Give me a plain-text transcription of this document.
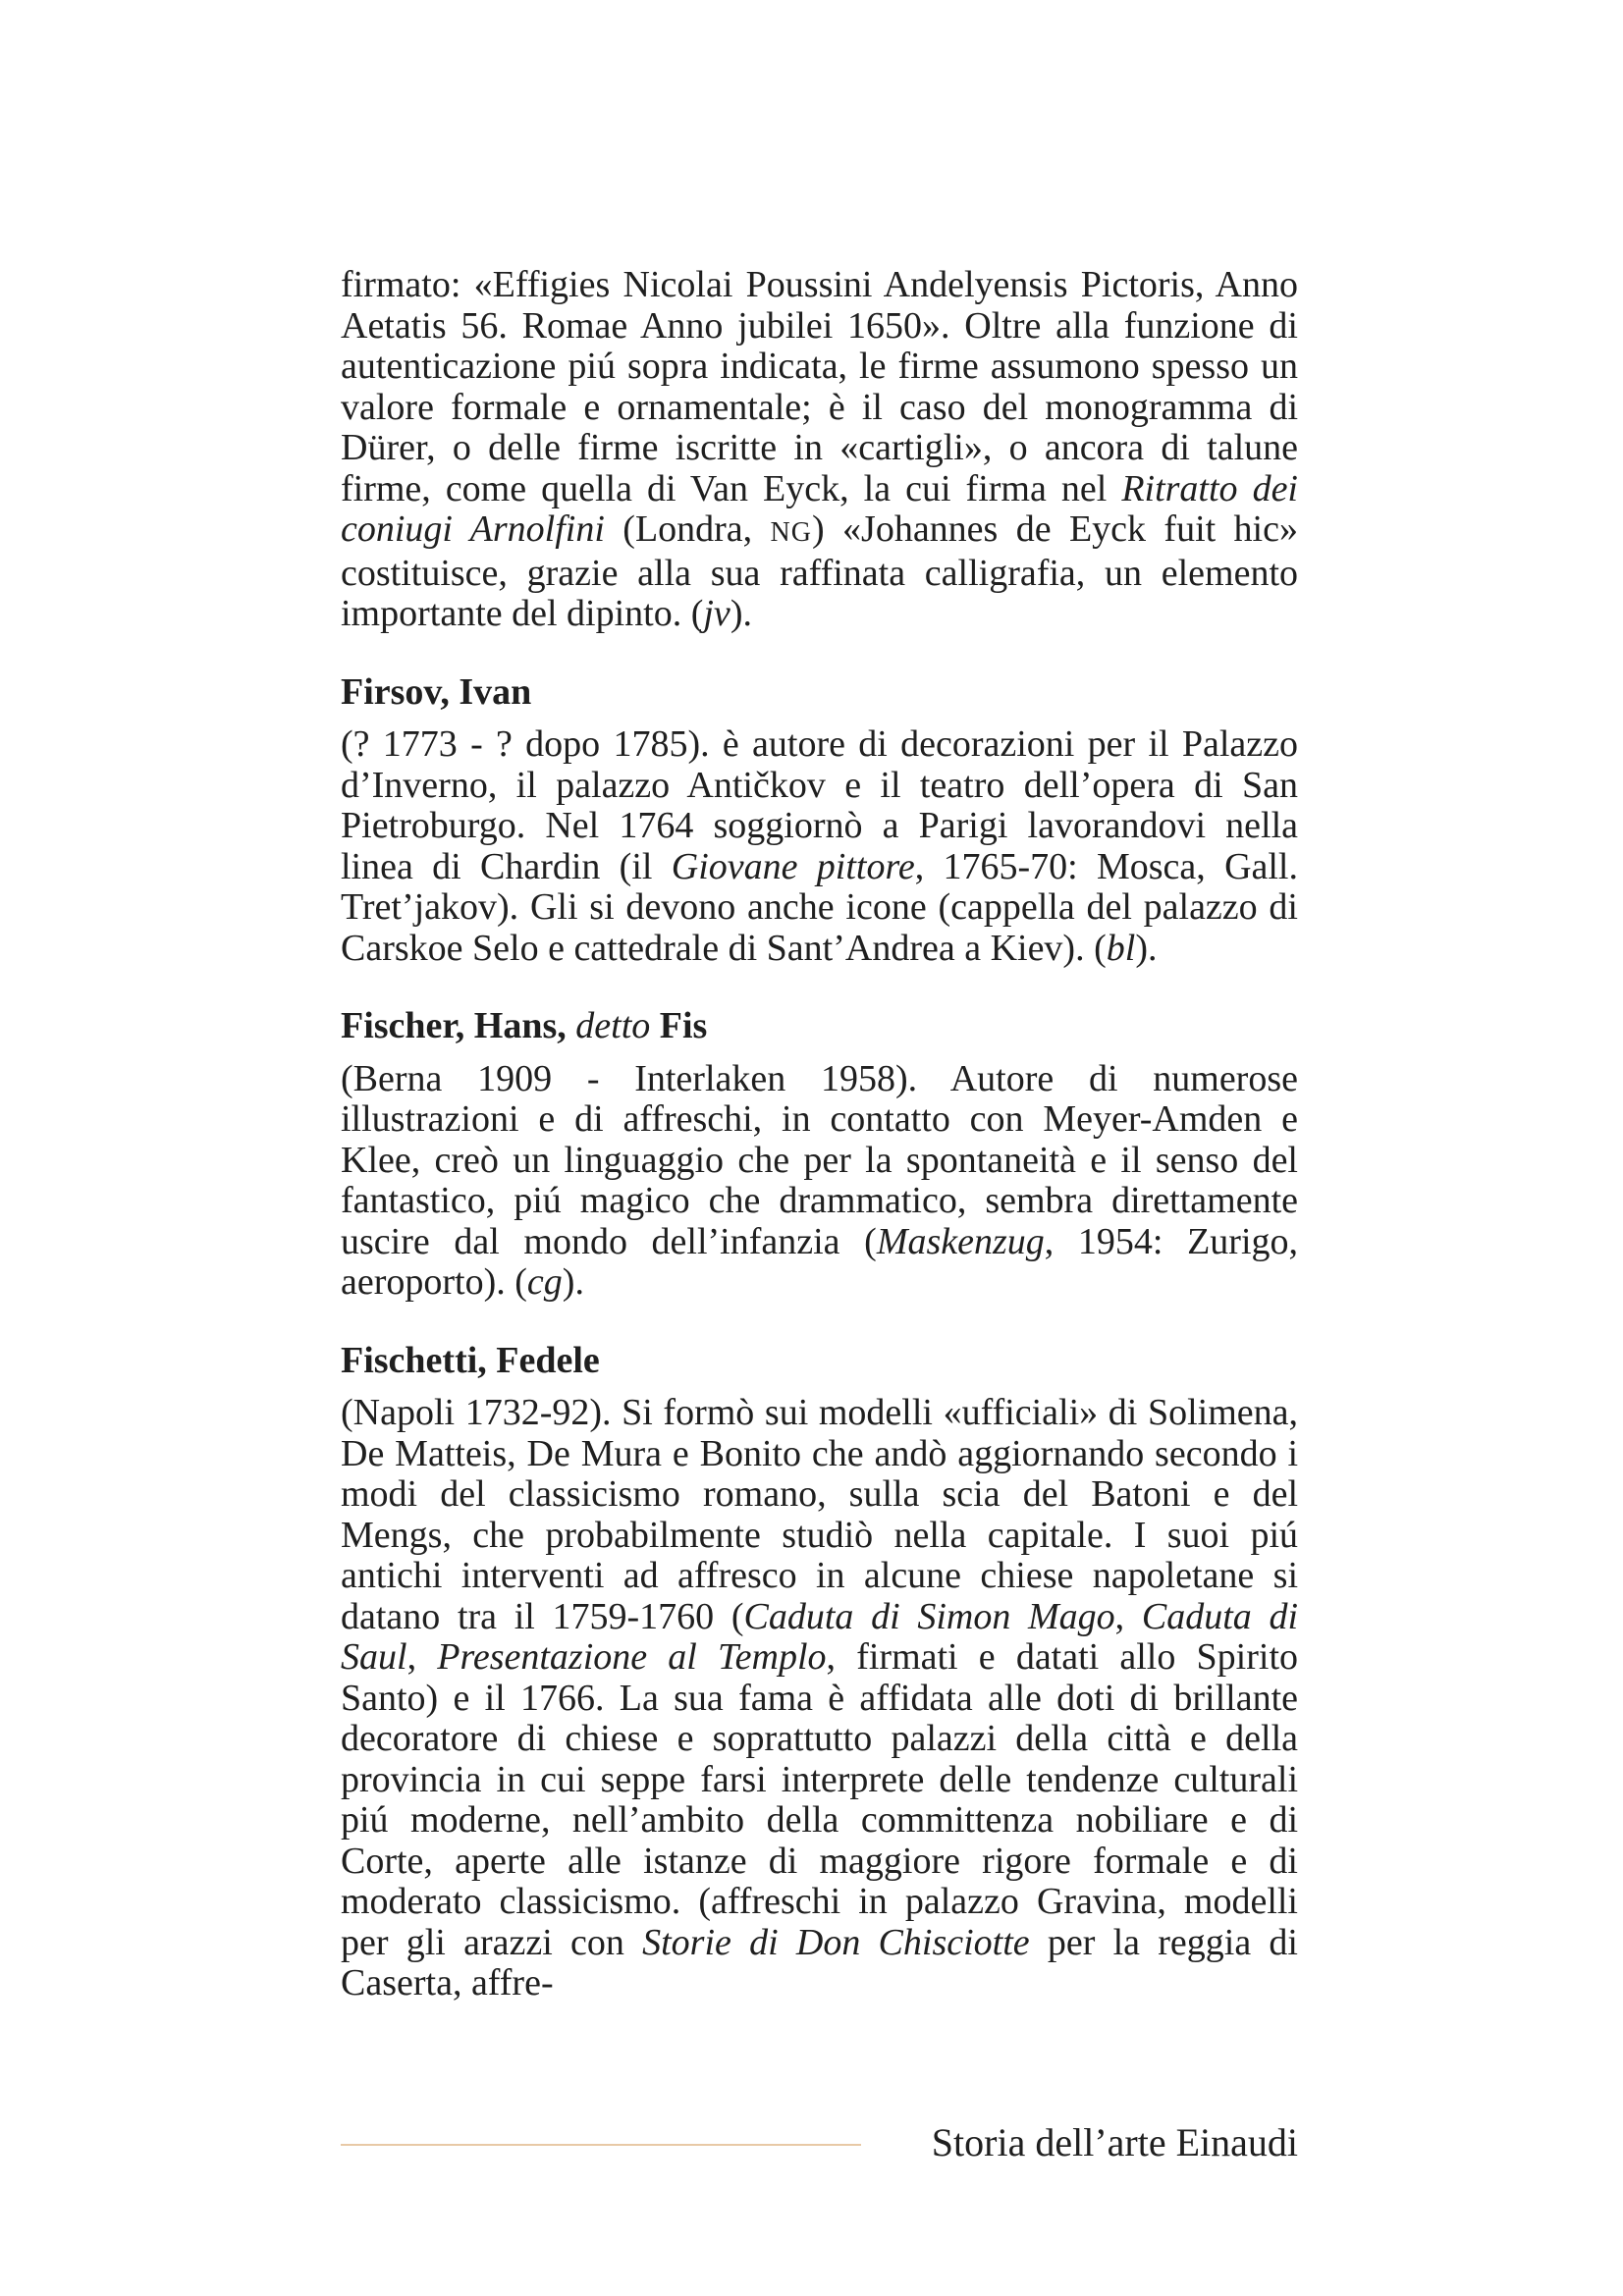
firmato: «Effigies Nicolai Poussini Andelyensis Pictoris, Anno Aetatis 56. Romae Anno jubilei 1650». Oltre alla funzione di autenticazione piú sopra indicata, le firme assumono spesso un valore formale e ornamentale; è il caso del monogramma di Dürer, o delle firme iscritte in «cartigli», o ancora di talune firme, come quella di Van Eyck, la cui firma nel Ritratto dei coniugi Arnolfini (Londra, NG) «Johannes de Eyck fuit hic» costituisce, grazie alla sua raffinata calligrafia, un elemento importante del dipinto. (jv).

Firsov, Ivan

(? 1773 - ? dopo 1785). è autore di decorazioni per il Palazzo d’Inverno, il palazzo Antičkov e il teatro dell’opera di San Pietroburgo. Nel 1764 soggiornò a Parigi lavorandovi nella linea di Chardin (il Giovane pittore, 1765-70: Mosca, Gall. Tret’jakov). Gli si devono anche icone (cappella del palazzo di Carskoe Selo e cattedrale di Sant’Andrea a Kiev). (bl).

Fischer, Hans, detto Fis

(Berna 1909 - Interlaken 1958). Autore di numerose illustrazioni e di affreschi, in contatto con Meyer-Amden e Klee, creò un linguaggio che per la spontaneità e il senso del fantastico, piú magico che drammatico, sembra direttamente uscire dal mondo dell’infanzia (Maskenzug, 1954: Zurigo, aeroporto). (cg).

Fischetti, Fedele

(Napoli 1732-92). Si formò sui modelli «ufficiali» di Solimena, De Matteis, De Mura e Bonito che andò aggiornando secondo i modi del classicismo romano, sulla scia del Batoni e del Mengs, che probabilmente studiò nella capitale. I suoi piú antichi interventi ad affresco in alcune chiese napoletane si datano tra il 1759-1760 (Caduta di Simon Mago, Caduta di Saul, Presentazione al Templo, firmati e datati allo Spirito Santo) e il 1766. La sua fama è affidata alle doti di brillante decoratore di chiese e soprattutto palazzi della città e della provincia in cui seppe farsi interprete delle tendenze culturali piú moderne, nell’ambito della committenza nobiliare e di Corte, aperte alle istanze di maggiore rigore formale e di moderato classicismo. (affreschi in palazzo Gravina, modelli per gli arazzi con Storie di Don Chisciotte per la reggia di Caserta, affre-

Storia dell’arte Einaudi
